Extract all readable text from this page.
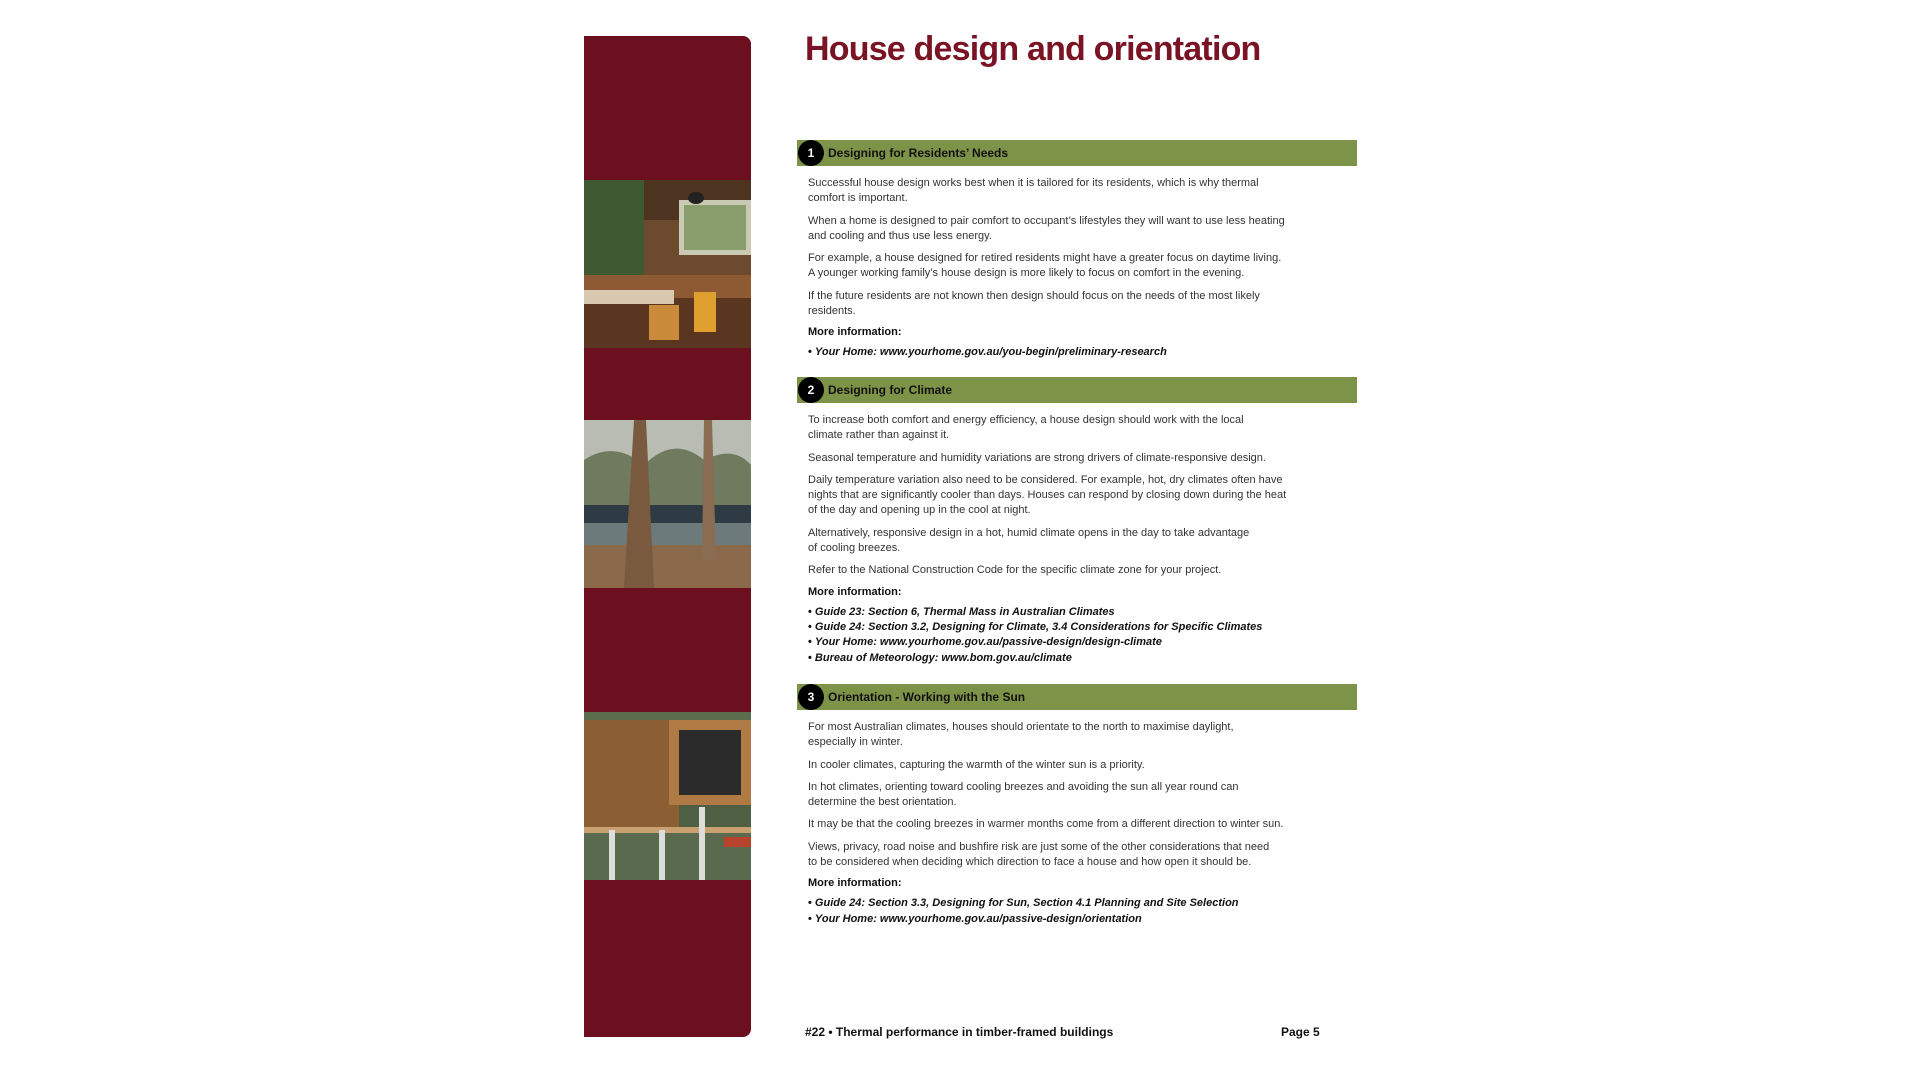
House design and orientation
1	Designing for Residents’ Needs

Successful house design works best when it is tailored for its residents, which is why thermal
comfort is important.

When a home is designed to pair comfort to occupant’s lifestyles they will want to use less heating
and cooling and thus use less energy.

For example, a house designed for retired residents might have a greater focus on daytime living.
A younger working family’s house design is more likely to focus on comfort in the evening.

If the future residents are not known then design should focus on the needs of the most likely
residents.

More information:
• Your Home: www.yourhome.gov.au/you-begin/preliminary-research
2	Designing for Climate

To increase both comfort and energy efficiency, a house design should work with the local
climate rather than against it.

Seasonal temperature and humidity variations are strong drivers of climate-responsive design.

Daily temperature variation also need to be considered. For example, hot, dry climates often have
nights that are significantly cooler than days. Houses can respond by closing down during the heat
of the day and opening up in the cool at night.

Alternatively, responsive design in a hot, humid climate opens in the day to take advantage
of cooling breezes.

Refer to the National Construction Code for the specific climate zone for your project.

More information:
• Guide 23: Section 6, Thermal Mass in Australian Climates
• Guide 24: Section 3.2, Designing for Climate, 3.4 Considerations for Specific Climates
• Your Home: www.yourhome.gov.au/passive-design/design-climate
• Bureau of Meteorology: www.bom.gov.au/climate
3	Orientation - Working with the Sun

For most Australian climates, houses should orientate to the north to maximise daylight,
especially in winter.

In cooler climates, capturing the warmth of the winter sun is a priority.

In hot climates, orienting toward cooling breezes and avoiding the sun all year round can
determine the best orientation.

It may be that the cooling breezes in warmer months come from a different direction to winter sun.

Views, privacy, road noise and bushfire risk are just some of the other considerations that need
to be considered when deciding which direction to face a house and how open it should be.

More information:
• Guide 24: Section 3.3, Designing for Sun, Section 4.1 Planning and Site Selection
• Your Home: www.yourhome.gov.au/passive-design/orientation
#22 • Thermal performance in timber-framed buildings	Page 5
